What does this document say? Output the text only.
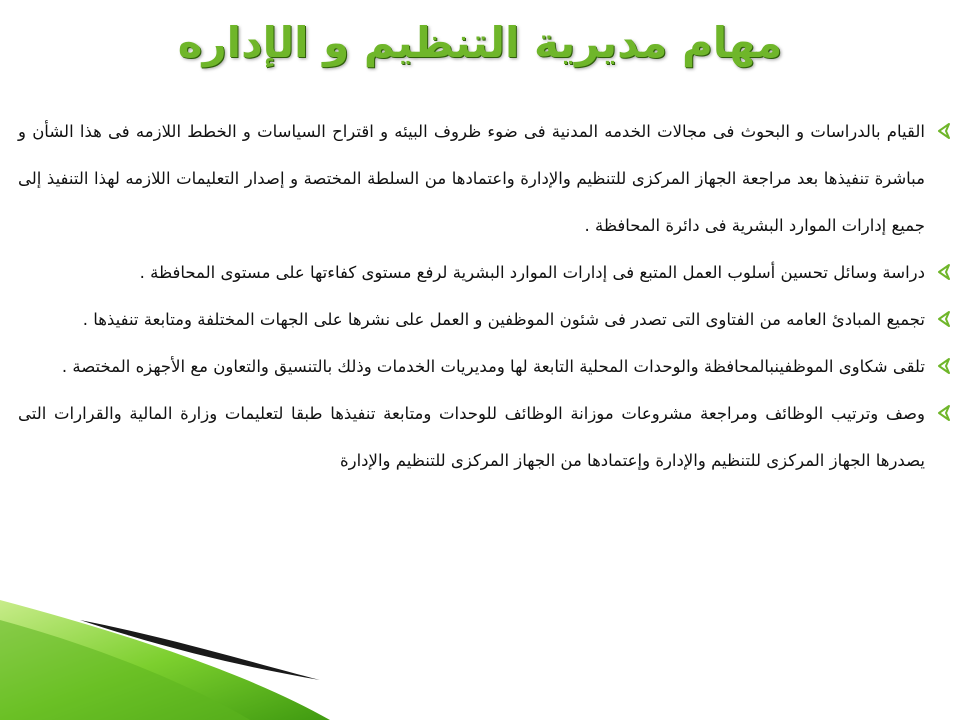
مهام مديرية التنظيم و الإداره
القيام بالدراسات و البحوث فى مجالات الخدمه المدنية فى ضوء ظروف البيئه و اقتراح السياسات و الخطط اللازمه فى هذا الشأن و مباشرة تنفيذها بعد مراجعة الجهاز المركزى للتنظيم والإدارة واعتمادها من السلطة المختصة و إصدار التعليمات اللازمه لهذا التنفيذ إلى جميع إدارات الموارد البشرية فى دائرة المحافظة .
دراسة وسائل تحسين أسلوب العمل المتبع فى إدارات الموارد البشرية لرفع مستوى كفاءتها على مستوى المحافظة .
تجميع المبادئ العامه من الفتاوى التى تصدر فى شئون الموظفين و العمل على نشرها على الجهات المختلفة ومتابعة تنفيذها .
تلقى شكاوى الموظفينبالمحافظة والوحدات المحلية التابعة لها ومديريات الخدمات وذلك بالتنسيق والتعاون مع الأجهزه المختصة .
وصف وترتيب الوظائف ومراجعة مشروعات موزانة الوظائف للوحدات ومتابعة تنفيذها طبقا لتعليمات وزارة المالية والقرارات التى يصدرها الجهاز المركزى للتنظيم والإدارة وإعتمادها من الجهاز المركزى للتنظيم والإدارة
